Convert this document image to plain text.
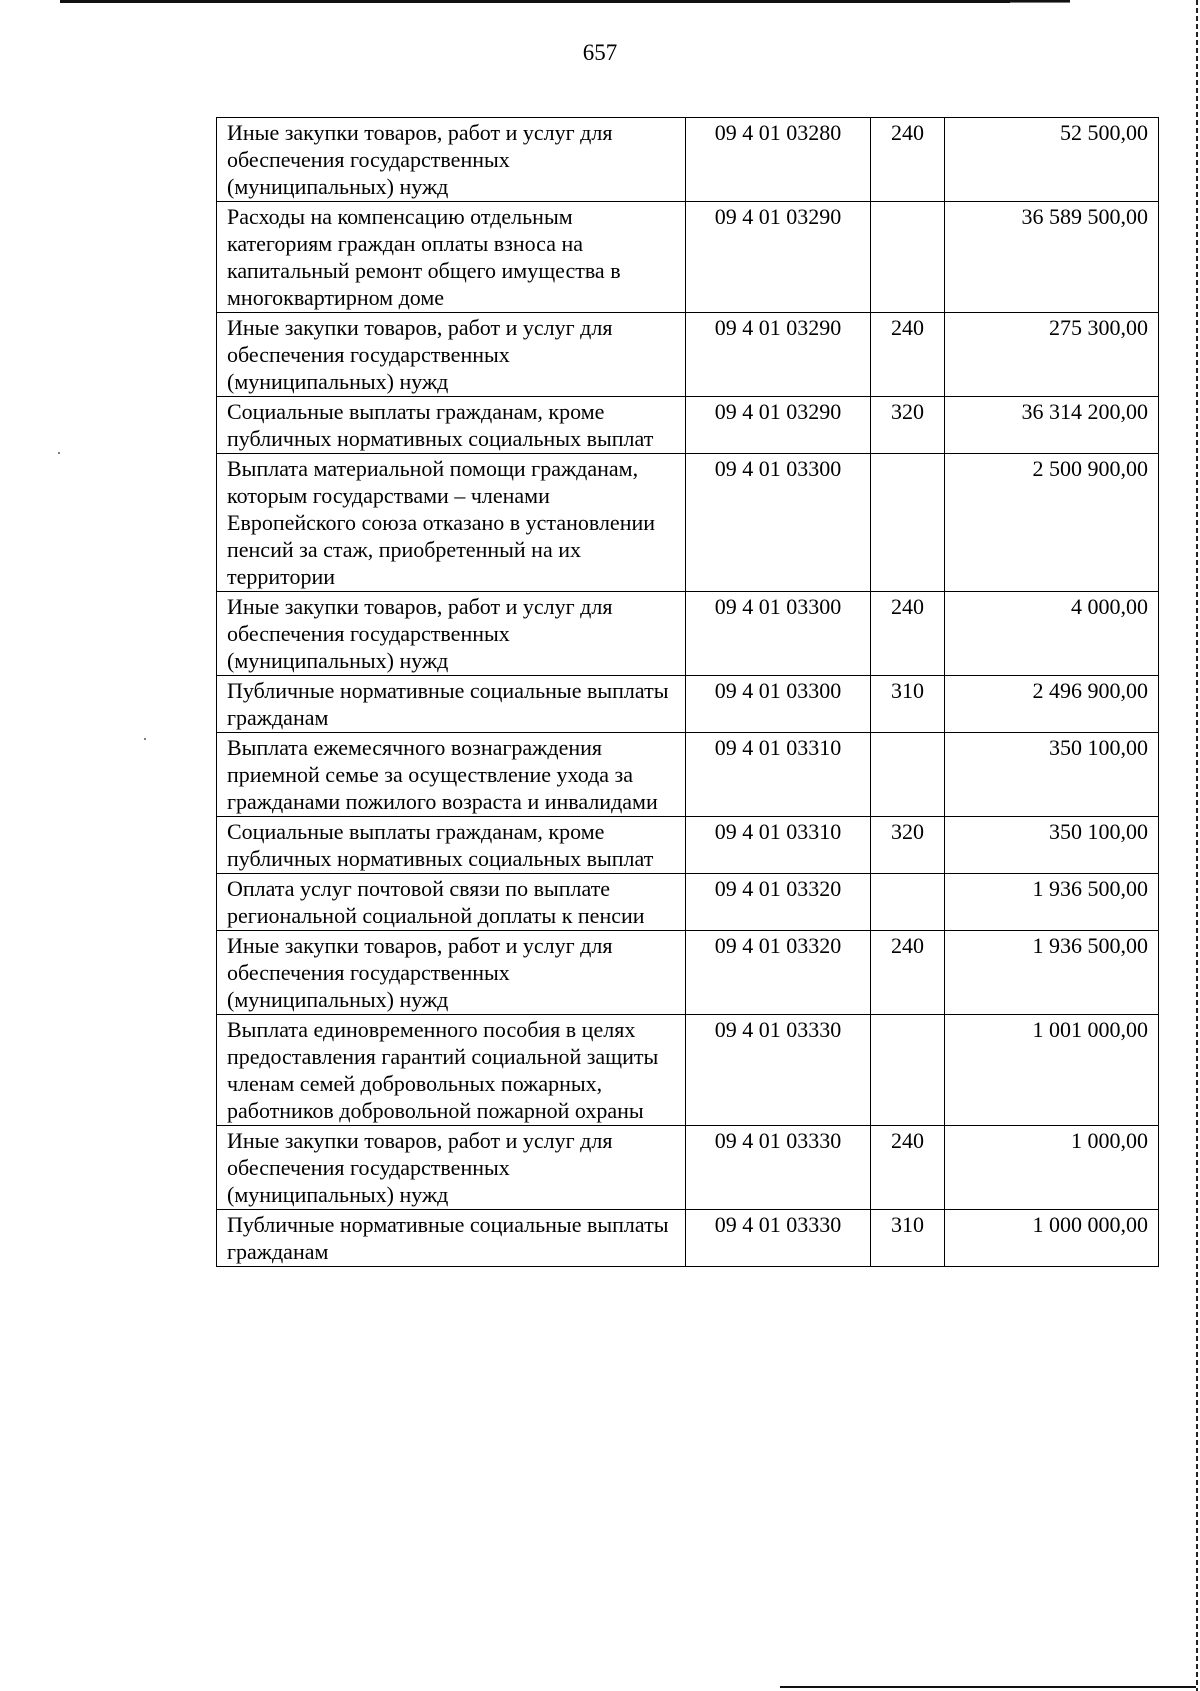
657
Иные закупки товаров, работ и услуг для обеспечения государственных (муниципальных) нужд	09 4 01 03280	240	52 500,00
Расходы на компенсацию отдельным категориям граждан оплаты взноса на капитальный ремонт общего имущества в многоквартирном доме	09 4 01 03290		36 589 500,00
Иные закупки товаров, работ и услуг для обеспечения государственных (муниципальных) нужд	09 4 01 03290	240	275 300,00
Социальные выплаты гражданам, кроме публичных нормативных социальных выплат	09 4 01 03290	320	36 314 200,00
Выплата материальной помощи гражданам, которым государствами – членами Европейского союза отказано в установлении пенсий за стаж, приобретенный на их территории	09 4 01 03300		2 500 900,00
Иные закупки товаров, работ и услуг для обеспечения государственных (муниципальных) нужд	09 4 01 03300	240	4 000,00
Публичные нормативные социальные выплаты гражданам	09 4 01 03300	310	2 496 900,00
Выплата ежемесячного вознаграждения приемной семье за осуществление ухода за гражданами пожилого возраста и инвалидами	09 4 01 03310		350 100,00
Социальные выплаты гражданам, кроме публичных нормативных социальных выплат	09 4 01 03310	320	350 100,00
Оплата услуг почтовой связи по выплате региональной социальной доплаты к пенсии	09 4 01 03320		1 936 500,00
Иные закупки товаров, работ и услуг для обеспечения государственных (муниципальных) нужд	09 4 01 03320	240	1 936 500,00
Выплата единовременного пособия в целях предоставления гарантий социальной защиты членам семей добровольных пожарных, работников добровольной пожарной охраны	09 4 01 03330		1 001 000,00
Иные закупки товаров, работ и услуг для обеспечения государственных (муниципальных) нужд	09 4 01 03330	240	1 000,00
Публичные нормативные социальные выплаты гражданам	09 4 01 03330	310	1 000 000,00
